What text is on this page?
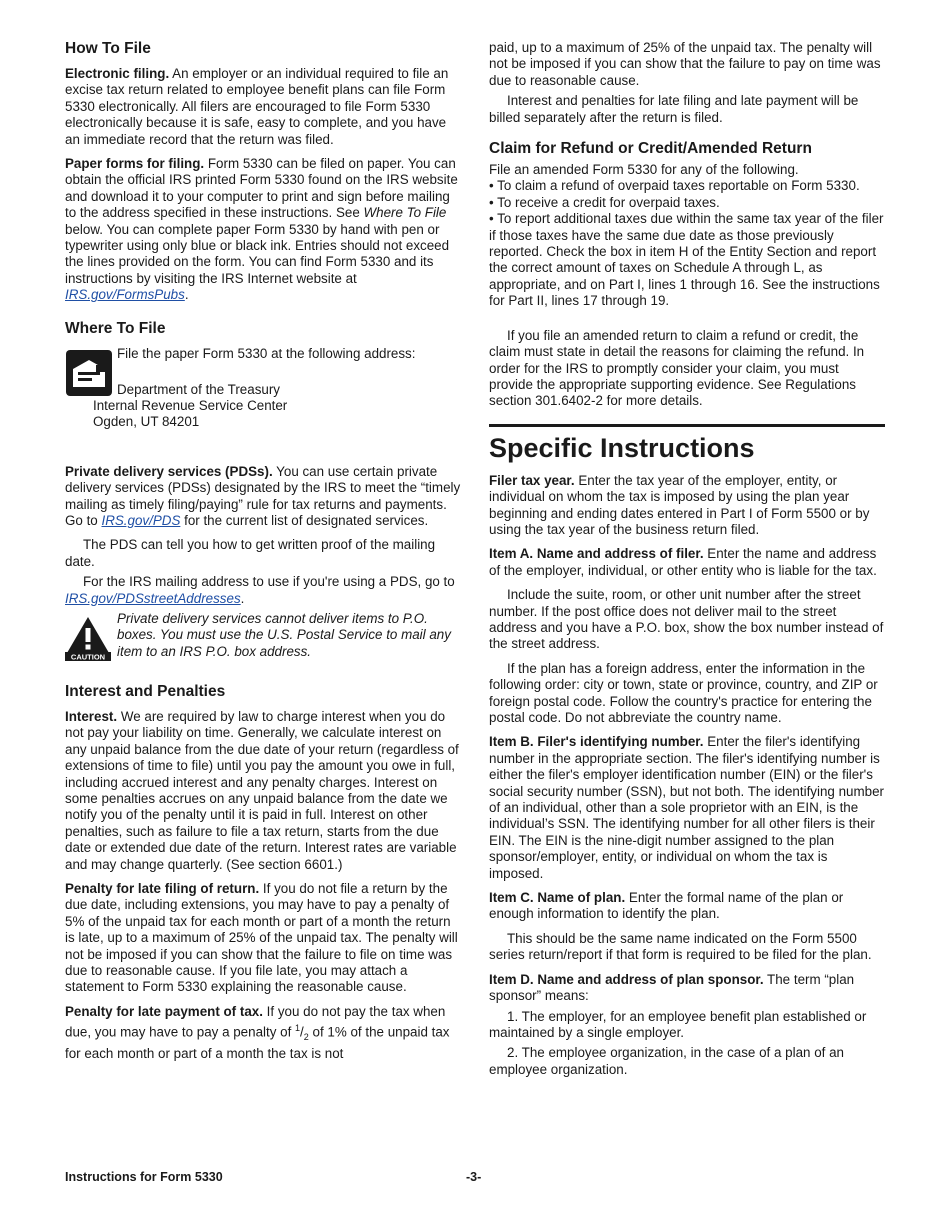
How To File

Electronic filing. An employer or an individual required to file an excise tax return related to employee benefit plans can file Form 5330 electronically. All filers are encouraged to file Form 5330 electronically because it is safe, easy to complete, and you have an immediate record that the return was filed.

Paper forms for filing. Form 5330 can be filed on paper. You can obtain the official IRS printed Form 5330 found on the IRS website and download it to your computer to print and sign before mailing to the address specified in these instructions. See Where To File below. You can complete paper Form 5330 by hand with pen or typewriter using only blue or black ink. Entries should not exceed the lines provided on the form. You can find Form 5330 and its instructions by visiting the IRS Internet website at IRS.gov/FormsPubs.

Where To File
File the paper Form 5330 at the following address:
Department of the Treasury
Internal Revenue Service Center
Ogden, UT 84201

Private delivery services (PDSs). You can use certain private delivery services (PDSs) designated by the IRS to meet the “timely mailing as timely filing/paying” rule for tax returns and payments. Go to IRS.gov/PDS for the current list of designated services.

The PDS can tell you how to get written proof of the mailing date.

For the IRS mailing address to use if you're using a PDS, go to IRS.gov/PDSstreetAddresses.

CAUTION
Private delivery services cannot deliver items to P.O. boxes. You must use the U.S. Postal Service to mail any item to an IRS P.O. box address.
Interest and Penalties

Interest. We are required by law to charge interest when you do not pay your liability on time. Generally, we calculate interest on any unpaid balance from the due date of your return (regardless of extensions of time to file) until you pay the amount you owe in full, including accrued interest and any penalty charges. Interest on some penalties accrues on any unpaid balance from the date we notify you of the penalty until it is paid in full. Interest on other penalties, such as failure to file a tax return, starts from the due date or extended due date of the return. Interest rates are variable and may change quarterly. (See section 6601.)

Penalty for late filing of return. If you do not file a return by the due date, including extensions, you may have to pay a penalty of 5% of the unpaid tax for each month or part of a month the return is late, up to a maximum of 25% of the unpaid tax. The penalty will not be imposed if you can show that the failure to file on time was due to reasonable cause. If you file late, you may attach a statement to Form 5330 explaining the reasonable cause.

Penalty for late payment of tax. If you do not pay the tax when due, you may have to pay a penalty of $^1/_2$ of 1% of the unpaid tax for each month or part of a month the tax is not

paid, up to a maximum of 25% of the unpaid tax. The penalty will not be imposed if you can show that the failure to pay on time was due to reasonable cause.

Interest and penalties for late filing and late payment will be billed separately after the return is filed.

Claim for Refund or Credit/Amended Return

File an amended Form 5330 for any of the following.

• To claim a refund of overpaid taxes reportable on Form 5330.

• To receive a credit for overpaid taxes.

• To report additional taxes due within the same tax year of the filer if those taxes have the same due date as those previously reported. Check the box in item H of the Entity Section and report the correct amount of taxes on Schedule A through L, as appropriate, and on Part I, lines 1 through 16. See the instructions for Part II, lines 17 through 19.

If you file an amended return to claim a refund or credit, the claim must state in detail the reasons for claiming the refund. In order for the IRS to promptly consider your claim, you must provide the appropriate supporting evidence. See Regulations section 301.6402-2 for more details.

Specific Instructions

Filer tax year. Enter the tax year of the employer, entity, or individual on whom the tax is imposed by using the plan year beginning and ending dates entered in Part I of Form 5500 or by using the tax year of the business return filed.

Item A. Name and address of filer. Enter the name and address of the employer, individual, or other entity who is liable for the tax.

Include the suite, room, or other unit number after the street number. If the post office does not deliver mail to the street address and you have a P.O. box, show the box number instead of the street address.

If the plan has a foreign address, enter the information in the following order: city or town, state or province, country, and ZIP or foreign postal code. Follow the country's practice for entering the postal code. Do not abbreviate the country name.

Item B. Filer's identifying number. Enter the filer's identifying number in the appropriate section. The filer's identifying number is either the filer's employer identification number (EIN) or the filer's social security number (SSN), but not both. The identifying number of an individual, other than a sole proprietor with an EIN, is the individual’s SSN. The identifying number for all other filers is their EIN. The EIN is the nine-digit number assigned to the plan sponsor/employer, entity, or individual on whom the tax is imposed.

Item C. Name of plan. Enter the formal name of the plan or enough information to identify the plan.

This should be the same name indicated on the Form 5500 series return/report if that form is required to be filed for the plan.

Item D. Name and address of plan sponsor. The term “plan sponsor” means:

1. The employer, for an employee benefit plan established or maintained by a single employer.

2. The employee organization, in the case of a plan of an employee organization.

Instructions for Form 5330	-3-
